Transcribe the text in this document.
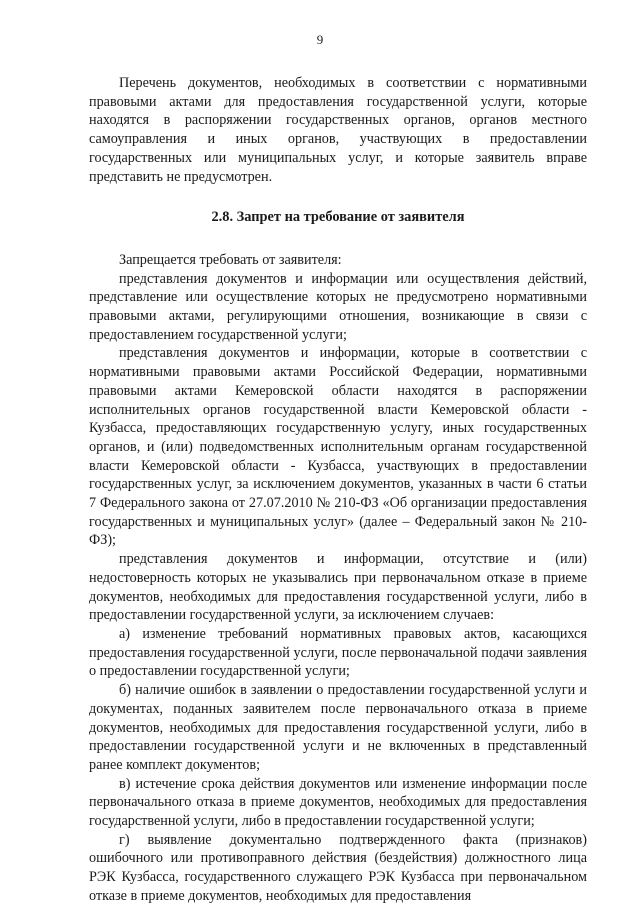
9

Перечень документов, необходимых в соответствии с нормативными правовыми актами для предоставления государственной услуги, которые находятся в распоряжении государственных органов, органов местного самоуправления и иных органов, участвующих в предоставлении государственных или муниципальных услуг, и которые заявитель вправе представить не предусмотрен.

2.8. Запрет на требование от заявителя

Запрещается требовать от заявителя:

представления документов и информации или осуществления действий, представление или осуществление которых не предусмотрено нормативными правовыми актами, регулирующими отношения, возникающие в связи с предоставлением государственной услуги;

представления документов и информации, которые в соответствии с нормативными правовыми актами Российской Федерации, нормативными правовыми актами Кемеровской области находятся в распоряжении исполнительных органов государственной власти Кемеровской области - Кузбасса, предоставляющих государственную услугу, иных государственных органов, и (или) подведомственных исполнительным органам государственной власти Кемеровской области - Кузбасса, участвующих в предоставлении государственных услуг, за исключением документов, указанных в части 6 статьи 7 Федерального закона от 27.07.2010 № 210-ФЗ «Об организации предоставления государственных и муниципальных услуг» (далее – Федеральный закон № 210-ФЗ);

представления документов и информации, отсутствие и (или) недостоверность которых не указывались при первоначальном отказе в приеме документов, необходимых для предоставления государственной услуги, либо в предоставлении государственной услуги, за исключением случаев:

а) изменение требований нормативных правовых актов, касающихся предоставления государственной услуги, после первоначальной подачи заявления о предоставлении государственной услуги;

б) наличие ошибок в заявлении о предоставлении государственной услуги и документах, поданных заявителем после первоначального отказа в приеме документов, необходимых для предоставления государственной услуги, либо в предоставлении государственной услуги и не включенных в представленный ранее комплект документов;

в) истечение срока действия документов или изменение информации после первоначального отказа в приеме документов, необходимых для предоставления государственной услуги, либо в предоставлении государственной услуги;

г) выявление документально подтвержденного факта (признаков) ошибочного или противоправного действия (бездействия) должностного лица РЭК Кузбасса, государственного служащего РЭК Кузбасса при первоначальном отказе в приеме документов, необходимых для предоставления
